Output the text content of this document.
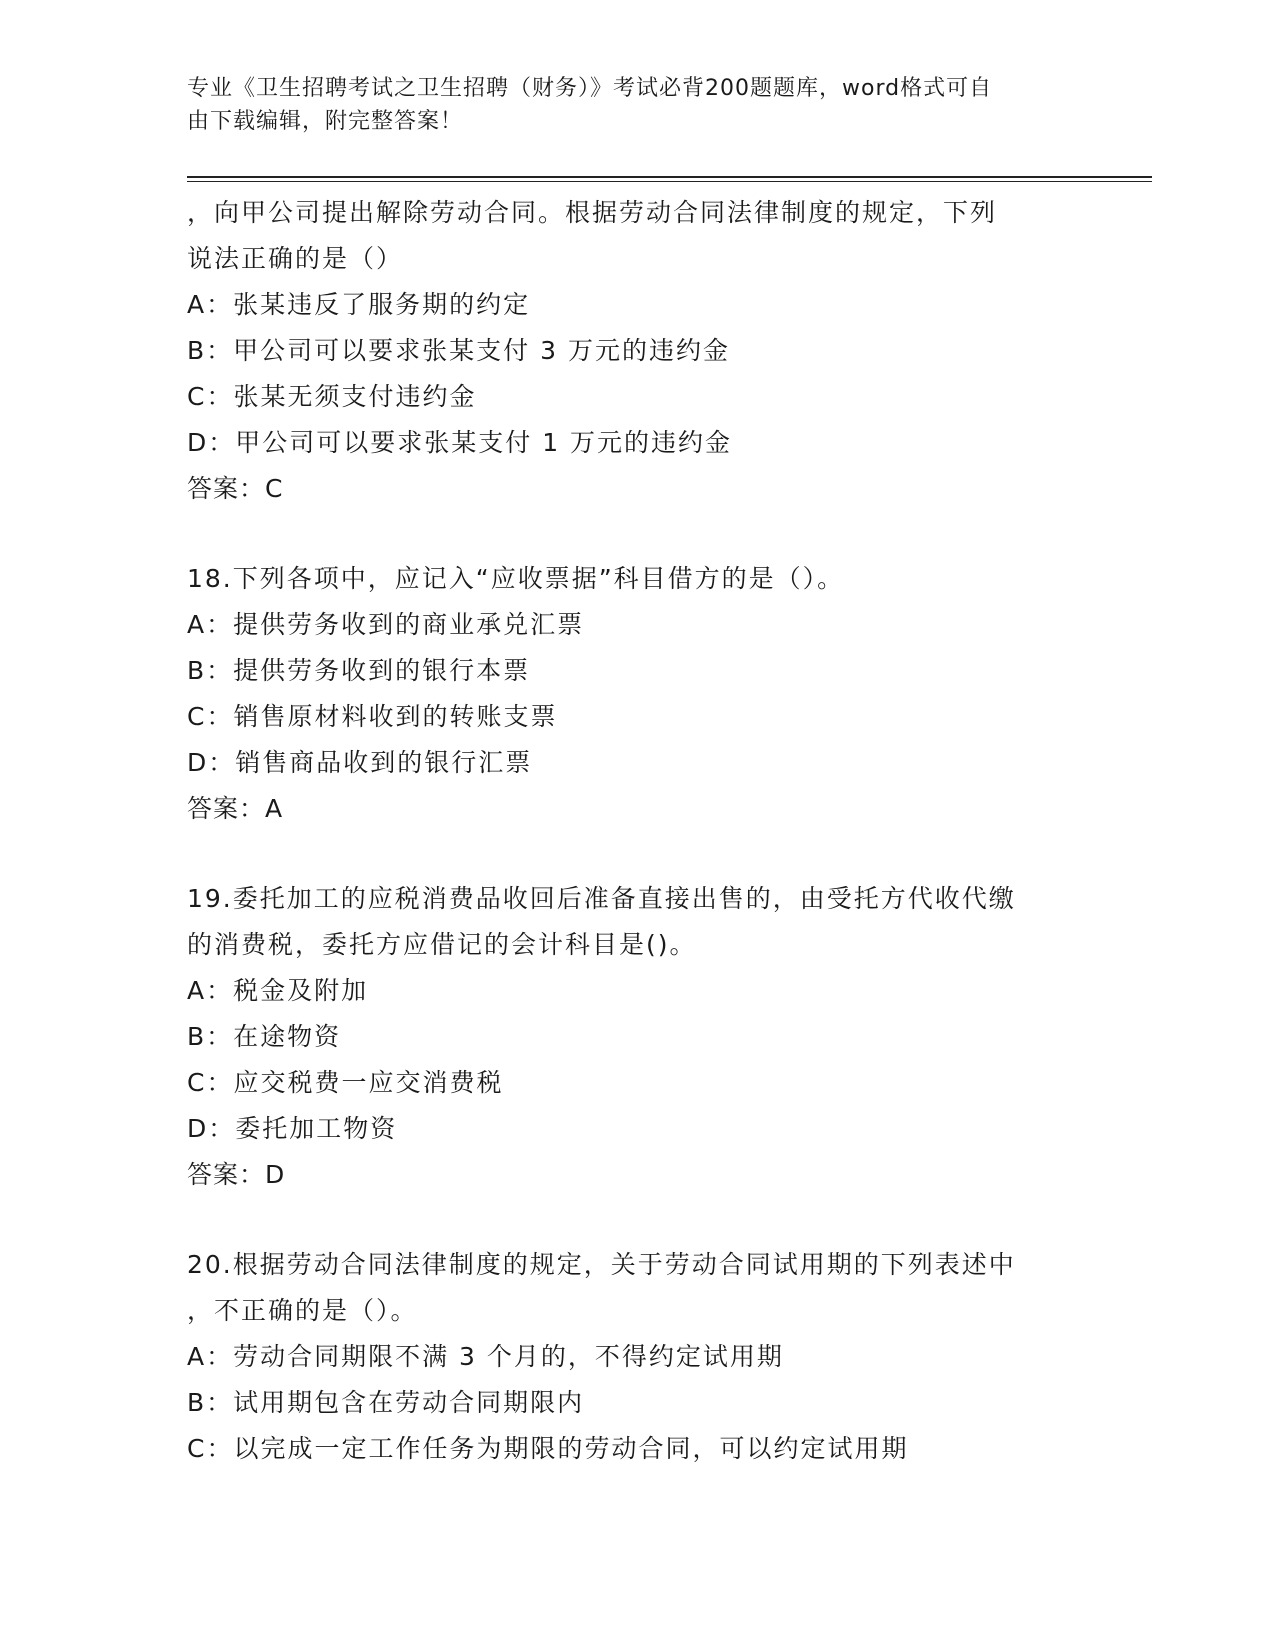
专业《卫生招聘考试之卫生招聘（财务）》考试必背200题题库，word格式可自
由下载编辑，附完整答案！
，向甲公司提出解除劳动合同。根据劳动合同法律制度的规定，下列
说法正确的是（）
A：张某违反了服务期的约定
B：甲公司可以要求张某支付 3 万元的违约金
C：张某无须支付违约金
D：甲公司可以要求张某支付 1 万元的违约金
答案：C
18.下列各项中，应记入“应收票据”科目借方的是（）。
A：提供劳务收到的商业承兑汇票
B：提供劳务收到的银行本票
C：销售原材料收到的转账支票
D：销售商品收到的银行汇票
答案：A
19.委托加工的应税消费品收回后准备直接出售的，由受托方代收代缴
的消费税，委托方应借记的会计科目是()。
A：税金及附加
B：在途物资
C：应交税费一应交消费税
D：委托加工物资
答案：D
20.根据劳动合同法律制度的规定，关于劳动合同试用期的下列表述中
，不正确的是（）。
A：劳动合同期限不满 3 个月的，不得约定试用期
B：试用期包含在劳动合同期限内
C：以完成一定工作任务为期限的劳动合同，可以约定试用期
